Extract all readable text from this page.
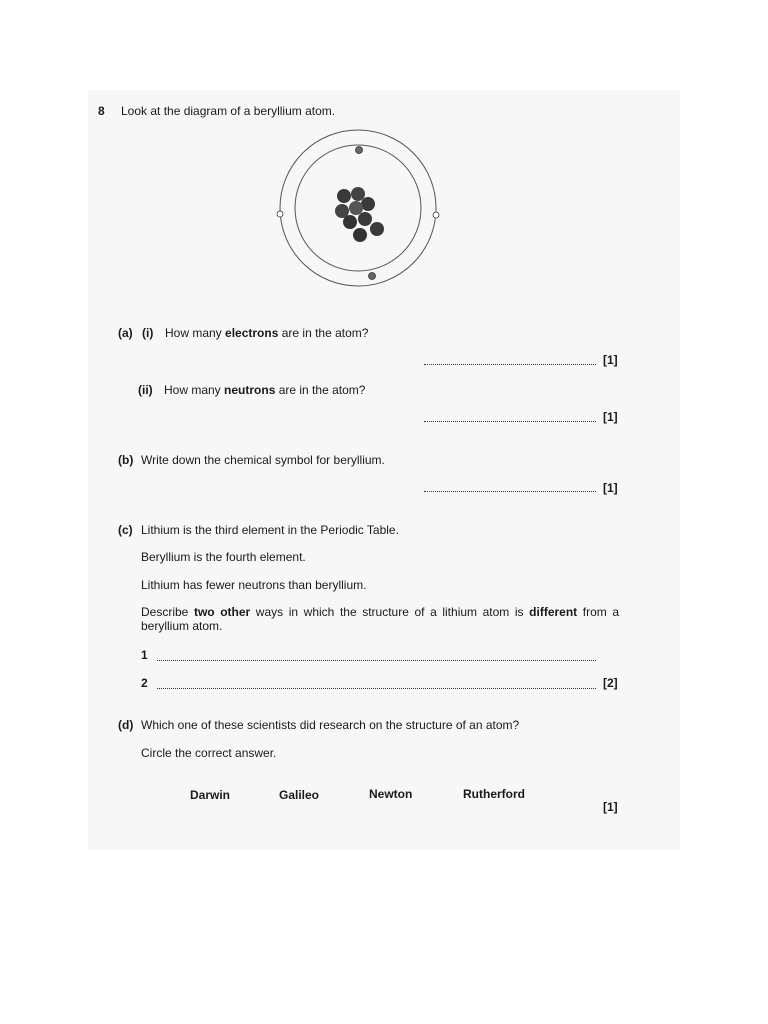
8 Look at the diagram of a beryllium atom.
(a) (i) How many electrons are in the atom?
[1]
(ii) How many neutrons are in the atom?
[1]
(b) Write down the chemical symbol for beryllium.
[1]
(c) Lithium is the third element in the Periodic Table.
Beryllium is the fourth element.
Lithium has fewer neutrons than beryllium.
Describe two other ways in which the structure of a lithium atom is different from a beryllium atom.
1
2	[2]
(d) Which one of these scientists did research on the structure of an atom?
Circle the correct answer.
Darwin	Galileo	Newton	Rutherford
[1]
